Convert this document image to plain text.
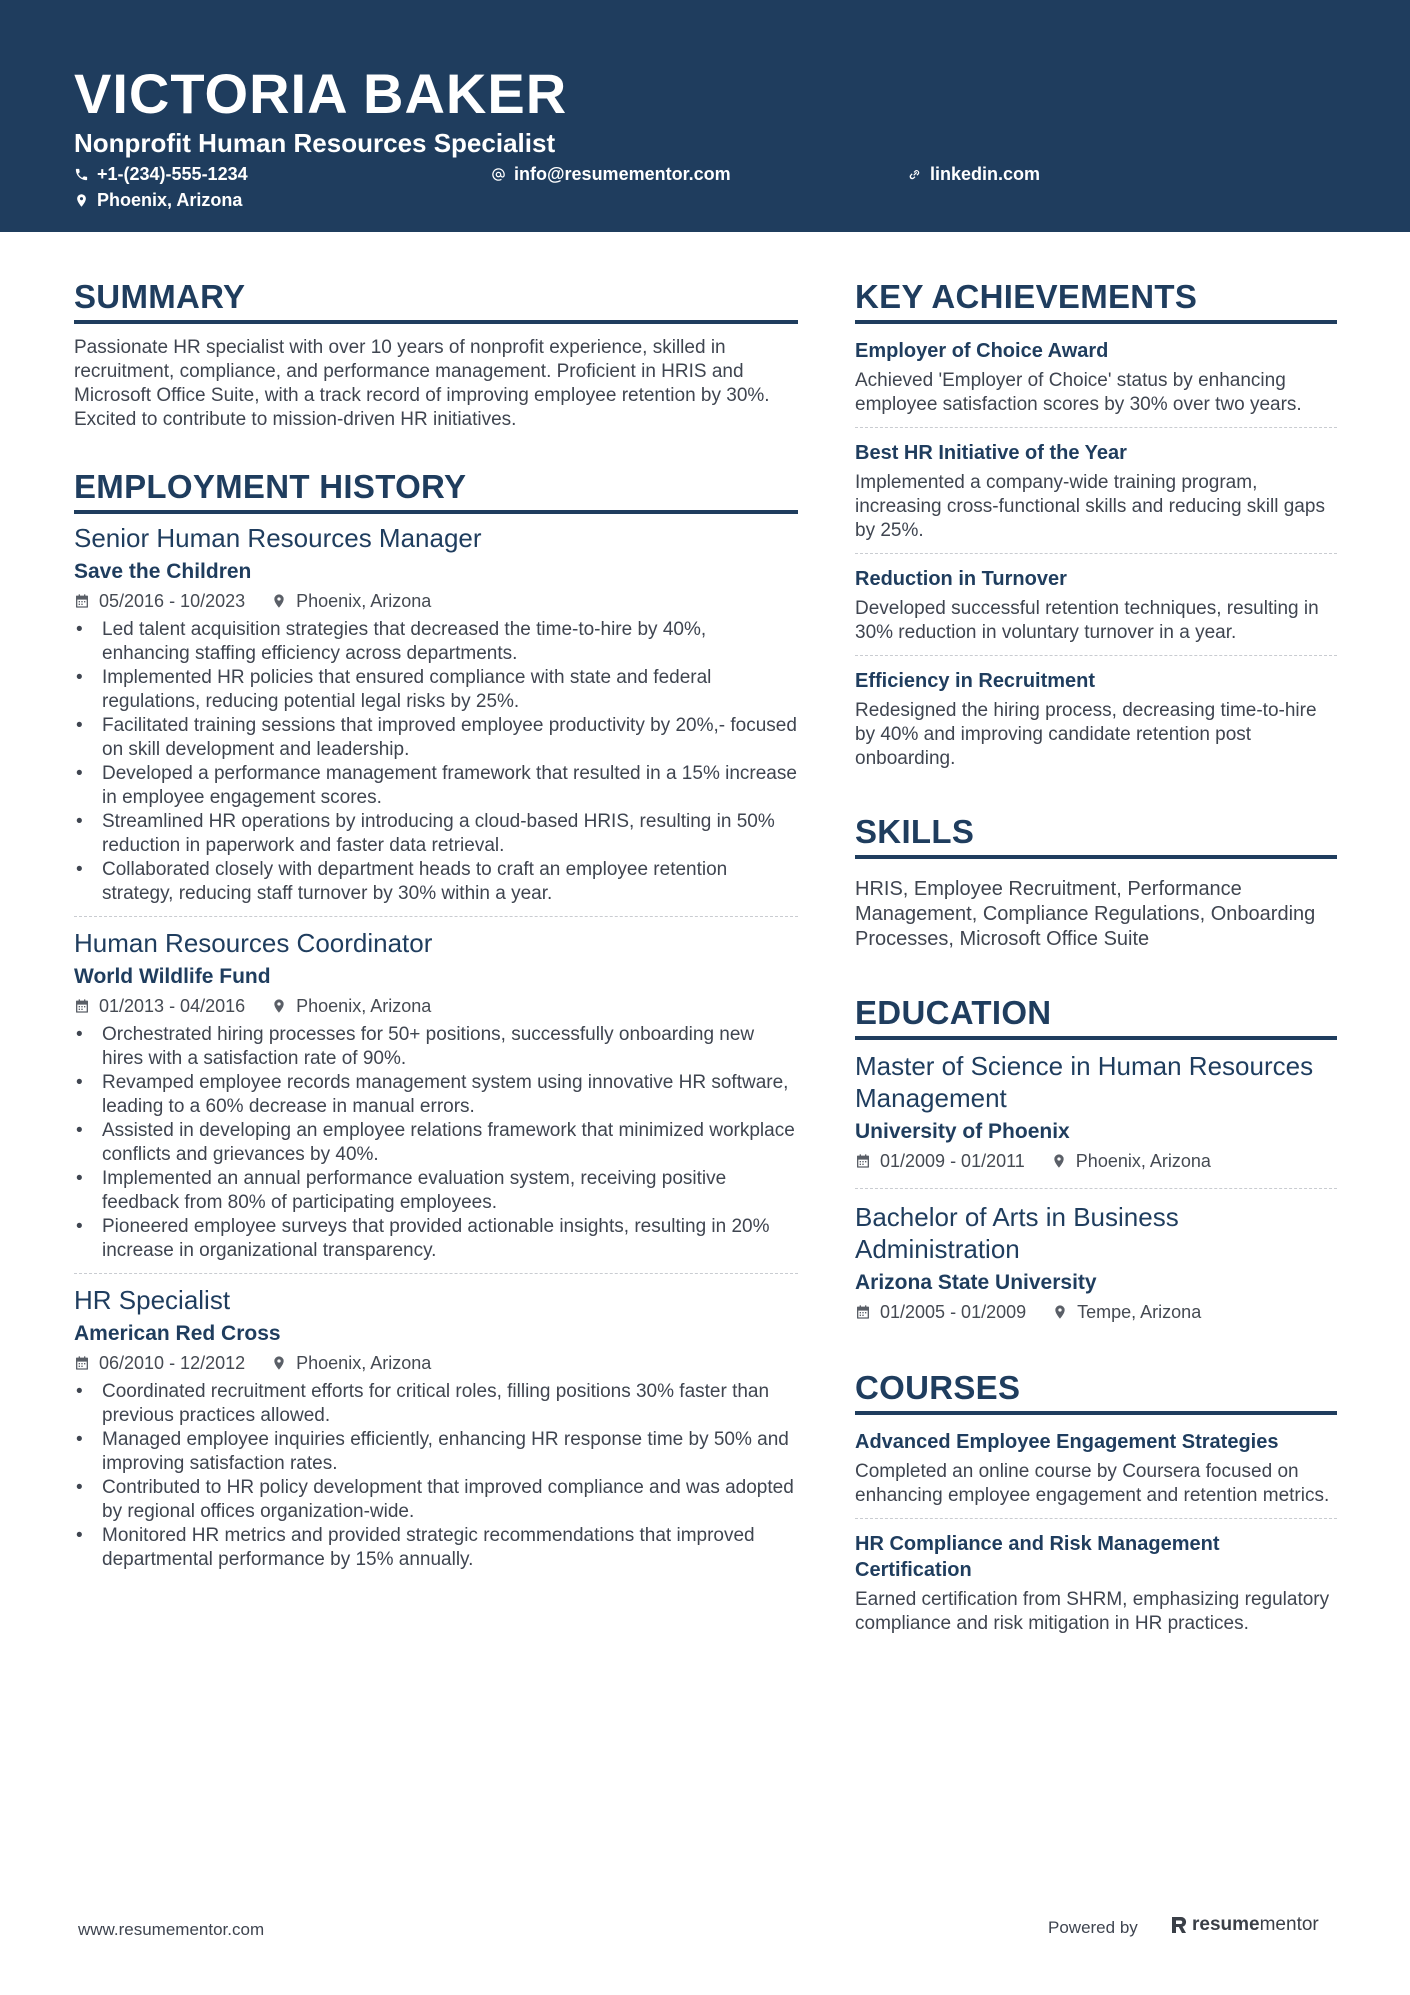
VICTORIA BAKER
Nonprofit Human Resources Specialist
+1-(234)-555-1234	info@resumementor.com	linkedin.com
Phoenix, Arizona
SUMMARY
Passionate HR specialist with over 10 years of nonprofit experience, skilled in recruitment, compliance, and performance management. Proficient in HRIS and Microsoft Office Suite, with a track record of improving employee retention by 30%. Excited to contribute to mission-driven HR initiatives.
EMPLOYMENT HISTORY
Senior Human Resources Manager
Save the Children
05/2016 - 10/2023	Phoenix, Arizona
• Led talent acquisition strategies that decreased the time-to-hire by 40%, enhancing staffing efficiency across departments.
• Implemented HR policies that ensured compliance with state and federal regulations, reducing potential legal risks by 25%.
• Facilitated training sessions that improved employee productivity by 20%,- focused on skill development and leadership.
• Developed a performance management framework that resulted in a 15% increase in employee engagement scores.
• Streamlined HR operations by introducing a cloud-based HRIS, resulting in 50% reduction in paperwork and faster data retrieval.
• Collaborated closely with department heads to craft an employee retention strategy, reducing staff turnover by 30% within a year.
Human Resources Coordinator
World Wildlife Fund
01/2013 - 04/2016	Phoenix, Arizona
• Orchestrated hiring processes for 50+ positions, successfully onboarding new hires with a satisfaction rate of 90%.
• Revamped employee records management system using innovative HR software, leading to a 60% decrease in manual errors.
• Assisted in developing an employee relations framework that minimized workplace conflicts and grievances by 40%.
• Implemented an annual performance evaluation system, receiving positive feedback from 80% of participating employees.
• Pioneered employee surveys that provided actionable insights, resulting in 20% increase in organizational transparency.
HR Specialist
American Red Cross
06/2010 - 12/2012	Phoenix, Arizona
• Coordinated recruitment efforts for critical roles, filling positions 30% faster than previous practices allowed.
• Managed employee inquiries efficiently, enhancing HR response time by 50% and improving satisfaction rates.
• Contributed to HR policy development that improved compliance and was adopted by regional offices organization-wide.
• Monitored HR metrics and provided strategic recommendations that improved departmental performance by 15% annually.
KEY ACHIEVEMENTS
Employer of Choice Award
Achieved 'Employer of Choice' status by enhancing employee satisfaction scores by 30% over two years.
Best HR Initiative of the Year
Implemented a company-wide training program, increasing cross-functional skills and reducing skill gaps by 25%.
Reduction in Turnover
Developed successful retention techniques, resulting in 30% reduction in voluntary turnover in a year.
Efficiency in Recruitment
Redesigned the hiring process, decreasing time-to-hire by 40% and improving candidate retention post onboarding.
SKILLS
HRIS, Employee Recruitment, Performance Management, Compliance Regulations, Onboarding Processes, Microsoft Office Suite
EDUCATION
Master of Science in Human Resources Management
University of Phoenix
01/2009 - 01/2011	Phoenix, Arizona
Bachelor of Arts in Business Administration
Arizona State University
01/2005 - 01/2009	Tempe, Arizona
COURSES
Advanced Employee Engagement Strategies
Completed an online course by Coursera focused on enhancing employee engagement and retention metrics.
HR Compliance and Risk Management Certification
Earned certification from SHRM, emphasizing regulatory compliance and risk mitigation in HR practices.
www.resumementor.com	Powered by	resumementor
